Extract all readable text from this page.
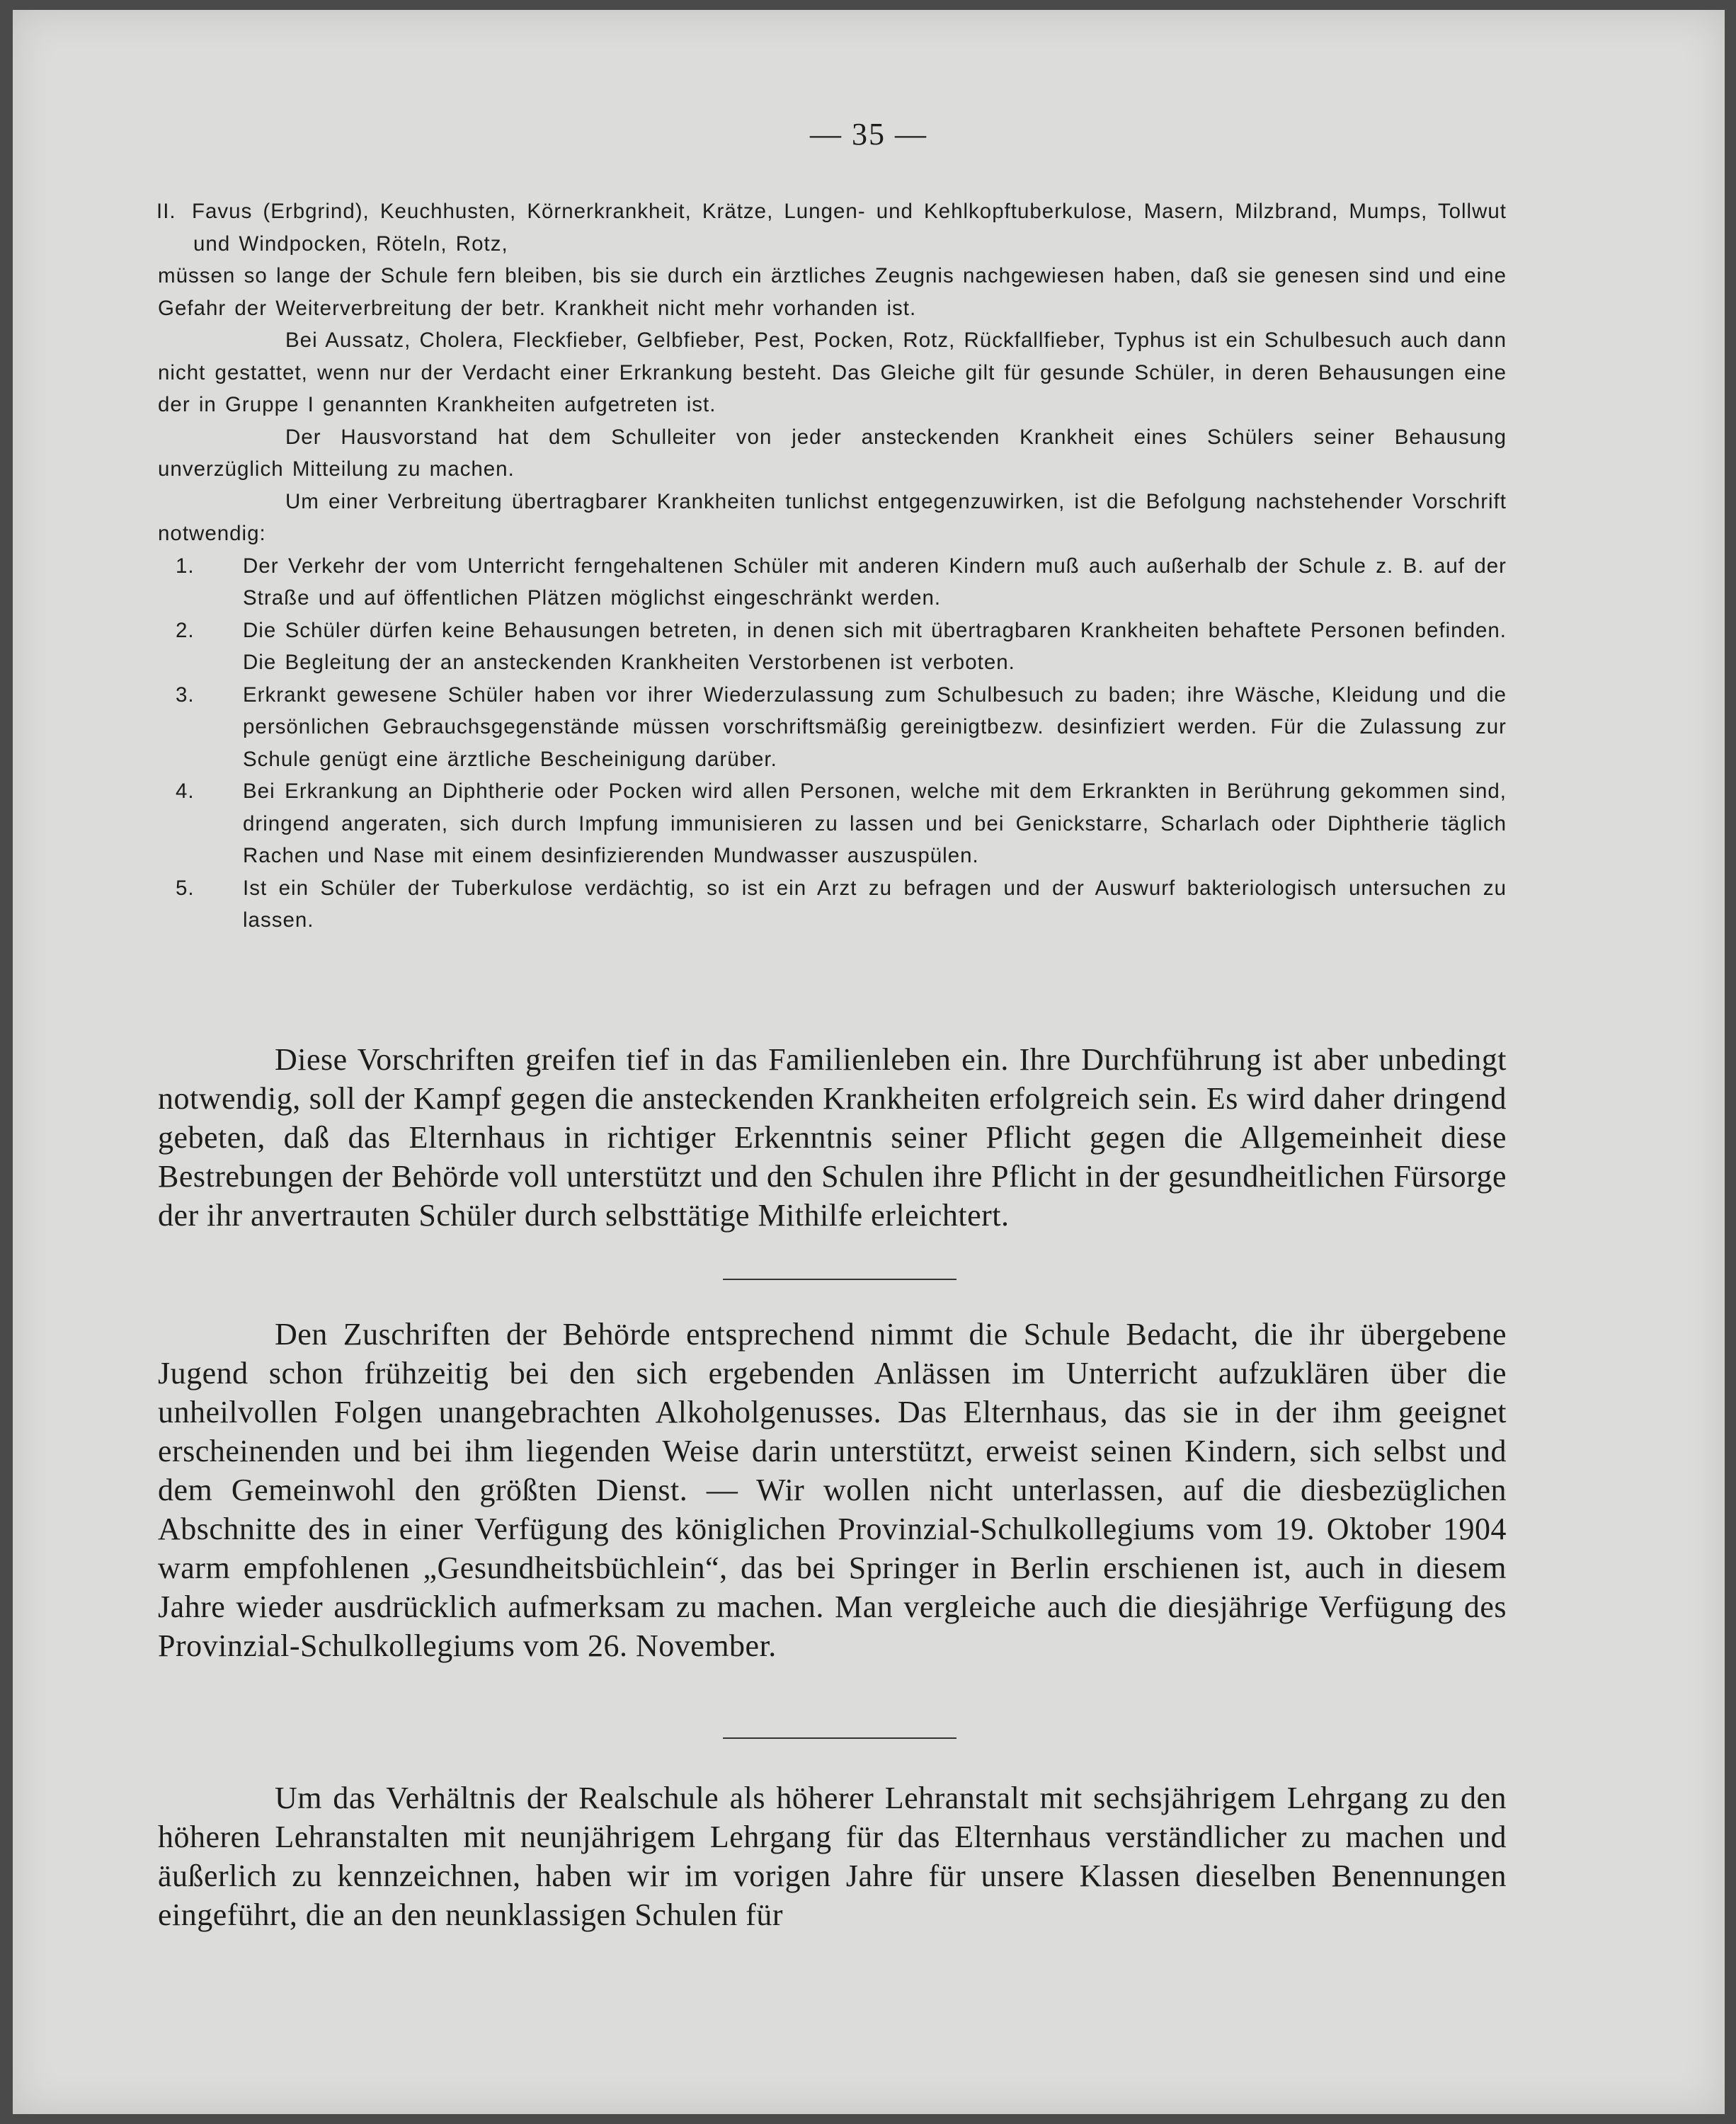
— 35 —
II. Favus (Erbgrind), Keuchhusten, Körnerkrankheit, Krätze, Lungen- und Kehlkopftuberkulose, Masern, Milzbrand, Mumps, Tollwut und Windpocken, Röteln, Rotz,

müssen so lange der Schule fern bleiben, bis sie durch ein ärztliches Zeugnis nachgewiesen haben, daß sie genesen sind und eine Gefahr der Weiterverbreitung der betr. Krankheit nicht mehr vorhanden ist.

Bei Aussatz, Cholera, Fleckfieber, Gelbfieber, Pest, Pocken, Rotz, Rückfallfieber, Typhus ist ein Schulbesuch auch dann nicht gestattet, wenn nur der Verdacht einer Erkrankung besteht. Das Gleiche gilt für gesunde Schüler, in deren Behausungen eine der in Gruppe I genannten Krankheiten aufgetreten ist.

Der Hausvorstand hat dem Schulleiter von jeder ansteckenden Krankheit eines Schülers seiner Behausung unverzüglich Mitteilung zu machen.

Um einer Verbreitung übertragbarer Krankheiten tunlichst entgegenzuwirken, ist die Befolgung nachstehender Vorschrift notwendig:

1.	Der Verkehr der vom Unterricht ferngehaltenen Schüler mit anderen Kindern muß auch außerhalb der Schule z. B. auf der Straße und auf öffentlichen Plätzen möglichst eingeschränkt werden.
2.	Die Schüler dürfen keine Behausungen betreten, in denen sich mit übertragbaren Krankheiten behaftete Personen befinden. Die Begleitung der an ansteckenden Krankheiten Verstorbenen ist verboten.
3.	Erkrankt gewesene Schüler haben vor ihrer Wiederzulassung zum Schulbesuch zu baden; ihre Wäsche, Kleidung und die persönlichen Gebrauchsgegenstände müssen vorschriftsmäßig gereinigtbezw. desinfiziert werden. Für die Zulassung zur Schule genügt eine ärztliche Bescheinigung darüber.
4.	Bei Erkrankung an Diphtherie oder Pocken wird allen Personen, welche mit dem Erkrankten in Berührung gekommen sind, dringend angeraten, sich durch Impfung immunisieren zu lassen und bei Genickstarre, Scharlach oder Diphtherie täglich Rachen und Nase mit einem desinfizierenden Mundwasser auszuspülen.
5.	Ist ein Schüler der Tuberkulose verdächtig, so ist ein Arzt zu befragen und der Auswurf bakteriologisch untersuchen zu lassen.

Diese Vorschriften greifen tief in das Familienleben ein. Ihre Durchführung ist aber unbedingt notwendig, soll der Kampf gegen die ansteckenden Krankheiten erfolgreich sein. Es wird daher dringend gebeten, daß das Elternhaus in richtiger Erkenntnis seiner Pflicht gegen die Allgemeinheit diese Bestrebungen der Behörde voll unterstützt und den Schulen ihre Pflicht in der gesundheitlichen Fürsorge der ihr anvertrauten Schüler durch selbsttätige Mithilfe erleichtert.

Den Zuschriften der Behörde entsprechend nimmt die Schule Bedacht, die ihr übergebene Jugend schon frühzeitig bei den sich ergebenden Anlässen im Unterricht aufzuklären über die unheilvollen Folgen unangebrachten Alkoholgenusses. Das Elternhaus, das sie in der ihm geeignet erscheinenden und bei ihm liegenden Weise darin unterstützt, erweist seinen Kindern, sich selbst und dem Gemeinwohl den größten Dienst. — Wir wollen nicht unterlassen, auf die diesbezüglichen Abschnitte des in einer Verfügung des königlichen Provinzial-Schulkollegiums vom 19. Oktober 1904 warm empfohlenen „Gesundheitsbüchlein“, das bei Springer in Berlin erschienen ist, auch in diesem Jahre wieder ausdrücklich aufmerksam zu machen. Man vergleiche auch die diesjährige Verfügung des Provinzial-Schulkollegiums vom 26. November.

Um das Verhältnis der Realschule als höherer Lehranstalt mit sechsjährigem Lehrgang zu den höheren Lehranstalten mit neunjährigem Lehrgang für das Elternhaus verständlicher zu machen und äußerlich zu kennzeichnen, haben wir im vorigen Jahre für unsere Klassen dieselben Benennungen eingeführt, die an den neunklassigen Schulen für
